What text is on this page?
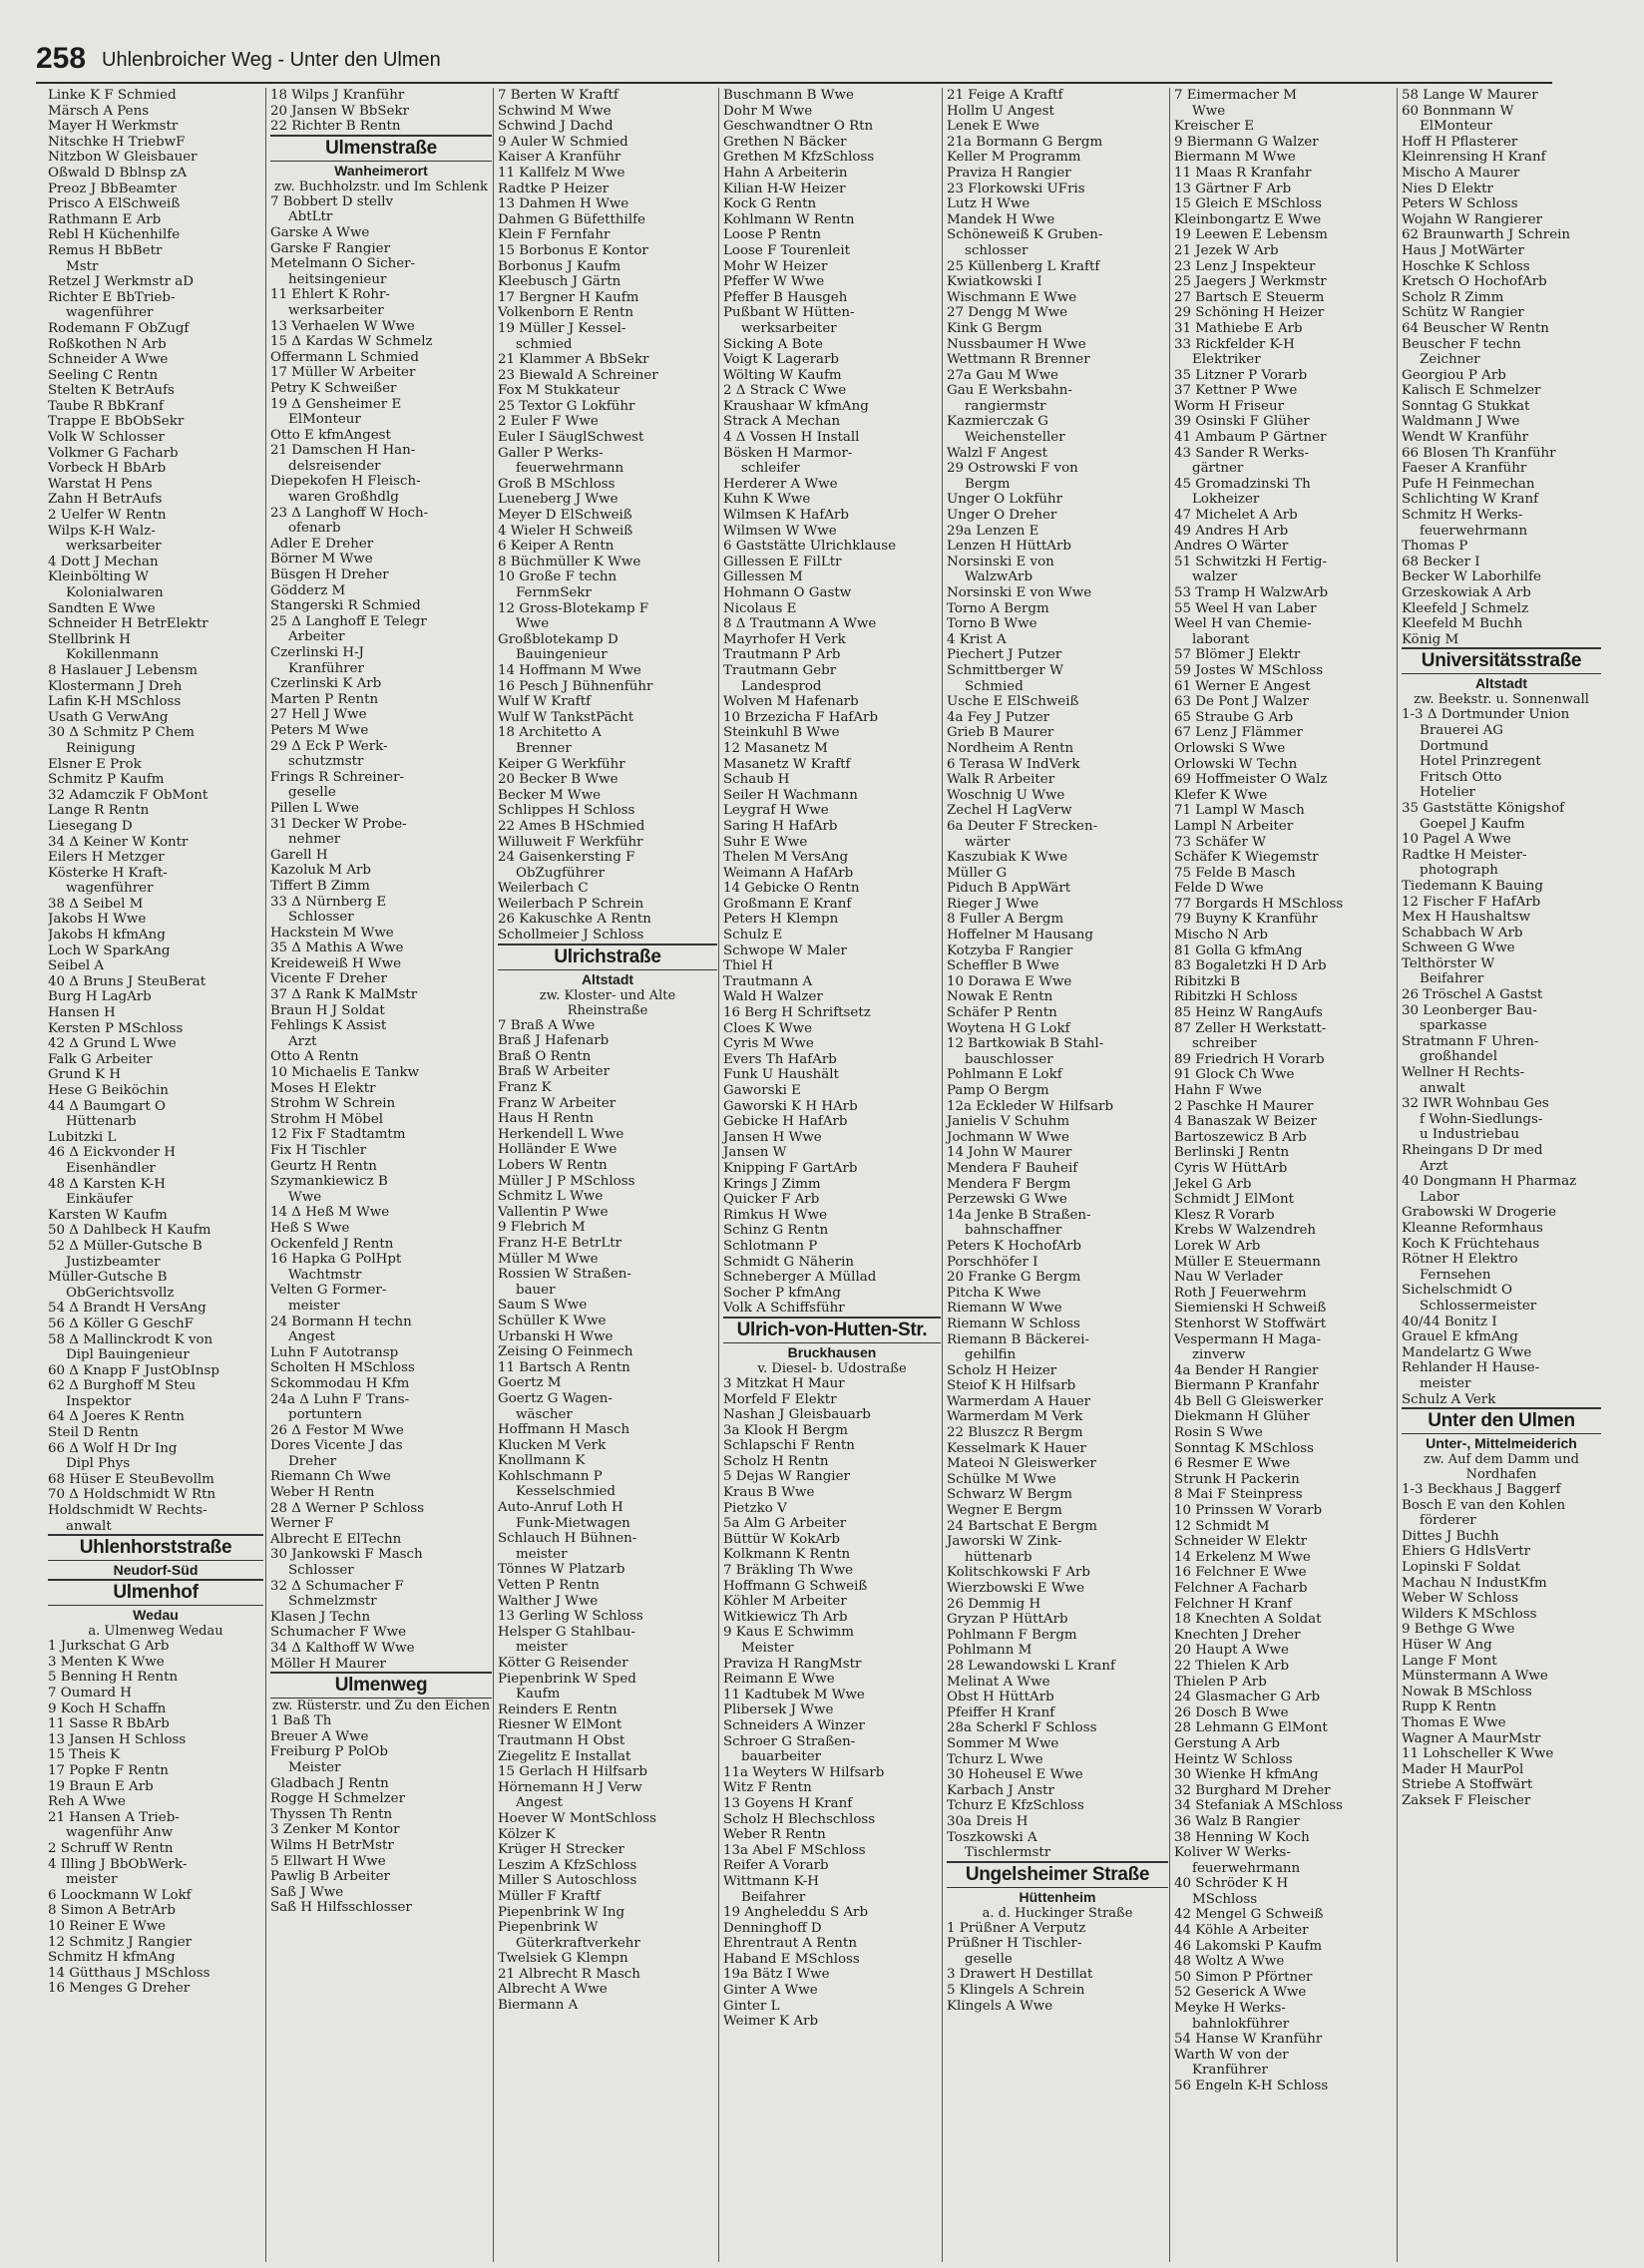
258 Uhlenbroicher Weg - Unter den Ulmen
Linke K F Schmied
Märsch A Pens
Mayer H Werkmstr
Nitschke H TriebwF
Nitzbon W Gleisbauer
Oßwald D Bblnsp zA
Preoz J BbBeamter
Prisco A ElSchweiß
Rathmann E Arb
Rebl H Küchenhilfe
Remus H BbBetr
Mstr
Retzel J Werkmstr aD
Richter E BbTrieb-
wagenführer
Rodemann F ObZugf
Roßkothen N Arb
Schneider A Wwe
Seeling C Rentn
Stelten K BetrAufs
Taube R BbKranf
Trappe E BbObSekr
Volk W Schlosser
Volkmer G Facharb
Vorbeck H BbArb
Warstat H Pens
Zahn H BetrAufs
2 Uelfer W Rentn
Wilps K-H Walz-
werksarbeiter
4 Dott J Mechan
Kleinbölting W
Kolonialwaren
Sandten E Wwe
Schneider H BetrElektr
Stellbrink H
Kokillenmann
8 Haslauer J Lebensm
Klostermann J Dreh
Lafin K-H MSchloss
Usath G VerwAng
30 Δ Schmitz P Chem
Reinigung
Elsner E Prok
Schmitz P Kaufm
32 Adamczik F ObMont
Lange R Rentn
Liesegang D
34 Δ Keiner W Kontr
Eilers H Metzger
Kösterke H Kraft-
wagenführer
38 Δ Seibel M
Jakobs H Wwe
Jakobs H kfmAng
Loch W SparkAng
Seibel A
40 Δ Bruns J SteuBerat
Burg H LagArb
Hansen H
Kersten P MSchloss
42 Δ Grund L Wwe
Falk G Arbeiter
Grund K H
Hese G Beiköchin
44 Δ Baumgart O
Hüttenarb
Lubitzki L
46 Δ Eickvonder H
Eisenhändler
48 Δ Karsten K-H
Einkäufer
Karsten W Kaufm
50 Δ Dahlbeck H Kaufm
52 Δ Müller-Gutsche B
Justizbeamter
Müller-Gutsche B
ObGerichtsvollz
54 Δ Brandt H VersAng
56 Δ Köller G GeschF
58 Δ Mallinckrodt K von
Dipl Bauingenieur
60 Δ Knapp F JustObInsp
62 Δ Burghoff M Steu
Inspektor
64 Δ Joeres K Rentn
Steil D Rentn
66 Δ Wolf H Dr Ing
Dipl Phys
68 Hüser E SteuBevollm
70 Δ Holdschmidt W Rtn
Holdschmidt W Rechts-
anwalt
Uhlenhorststraße
Neudorf-Süd
Ulmenhof
Wedau
a. Ulmenweg Wedau
1 Jurkschat G Arb
3 Menten K Wwe
5 Benning H Rentn
7 Oumard H
9 Koch H Schaffn
11 Sasse R BbArb
13 Jansen H Schloss
15 Theis K
17 Popke F Rentn
19 Braun E Arb
Reh A Wwe
21 Hansen A Trieb-
wagenführ Anw
2 Schruff W Rentn
4 Illing J BbObWerk-
meister
6 Loockmann W Lokf
8 Simon A BetrArb
10 Reiner E Wwe
12 Schmitz J Rangier
Schmitz H kfmAng
14 Gütthaus J MSchloss
16 Menges G Dreher
18 Wilps J Kranführ
20 Jansen W BbSekr
22 Richter B Rentn
Ulmenstraße
Wanheimerort
zw. Buchholzstr. und Im Schlenk
7 Bobbert D stellv
AbtLtr
Garske A Wwe
Garske F Rangier
Metelmann O Sicher-
heitsingenieur
11 Ehlert K Rohr-
werksarbeiter
13 Verhaelen W Wwe
15 Δ Kardas W Schmelz
Offermann L Schmied
17 Müller W Arbeiter
Petry K Schweißer
19 Δ Gensheimer E
ElMonteur
Otto E kfmAngest
21 Damschen H Han-
delsreisender
Diepekofen H Fleisch-
waren Großhdlg
23 Δ Langhoff W Hoch-
ofenarb
Adler E Dreher
Börner M Wwe
Büsgen H Dreher
Gödderz M
Stangerski R Schmied
25 Δ Langhoff E Telegr
Arbeiter
Czerlinski H-J
Kranführer
Czerlinski K Arb
Marten P Rentn
27 Hell J Wwe
Peters M Wwe
29 Δ Eck P Werk-
schutzmstr
Frings R Schreiner-
geselle
Pillen L Wwe
31 Decker W Probe-
nehmer
Garell H
Kazoluk M Arb
Tiffert B Zimm
33 Δ Nürnberg E
Schlosser
Hackstein M Wwe
35 Δ Mathis A Wwe
Kreideweiß H Wwe
Vicente F Dreher
37 Δ Rank K MalMstr
Braun H J Soldat
Fehlings K Assist
Arzt
Otto A Rentn
10 Michaelis E Tankw
Moses H Elektr
Strohm W Schrein
Strohm H Möbel
12 Fix F Stadtamtm
Fix H Tischler
Geurtz H Rentn
Szymankiewicz B
Wwe
14 Δ Heß M Wwe
Heß S Wwe
Ockenfeld J Rentn
16 Hapka G PolHpt
Wachtmstr
Velten G Former-
meister
24 Bormann H techn
Angest
Luhn F Autotransp
Scholten H MSchloss
Sckommodau H Kfm
24a Δ Luhn F Trans-
portuntern
26 Δ Festor M Wwe
Dores Vicente J das
Dreher
Riemann Ch Wwe
Weber H Rentn
28 Δ Werner P Schloss
Werner F
Albrecht E ElTechn
30 Jankowski F Masch
Schlosser
32 Δ Schumacher F
Schmelzmstr
Klasen J Techn
Schumacher F Wwe
34 Δ Kalthoff W Wwe
Möller H Maurer
Ulmenweg
zw. Rüsterstr. und Zu den Eichen
1 Baß Th
Breuer A Wwe
Freiburg P PolOb
Meister
Gladbach J Rentn
Rogge H Schmelzer
Thyssen Th Rentn
3 Zenker M Kontor
Wilms H BetrMstr
5 Ellwart H Wwe
Pawlig B Arbeiter
Saß J Wwe
Saß H Hilfsschlosser
7 Berten W Kraftf
Schwind M Wwe
Schwind J Dachd
9 Auler W Schmied
Kaiser A Kranführ
11 Kallfelz M Wwe
Radtke P Heizer
13 Dahmen H Wwe
Dahmen G Büfetthilfe
Klein F Fernfahr
15 Borbonus E Kontor
Borbonus J Kaufm
Kleebusch J Gärtn
17 Bergner H Kaufm
Volkenborn E Rentn
19 Müller J Kessel-
schmied
21 Klammer A BbSekr
23 Biewald A Schreiner
Fox M Stukkateur
25 Textor G Lokführ
2 Euler F Wwe
Euler I SäuglSchwest
Galler P Werks-
feuerwehrmann
Groß B MSchloss
Lueneberg J Wwe
Meyer D ElSchweiß
4 Wieler H Schweiß
6 Keiper A Rentn
8 Büchmüller K Wwe
10 Große F techn
FernmSekr
12 Gross-Blotekamp F
Wwe
Großblotekamp D
Bauingenieur
14 Hoffmann M Wwe
16 Pesch J Bühnenführ
Wulf W Kraftf
Wulf W TankstPächt
18 Architetto A
Brenner
Keiper G Werkführ
20 Becker B Wwe
Becker M Wwe
Schlippes H Schloss
22 Ames B HSchmied
Willuweit F Werkführ
24 Gaisenkersting F
ObZugführer
Weilerbach C
Weilerbach P Schrein
26 Kakuschke A Rentn
Schollmeier J Schloss
Ulrichstraße
Altstadt
zw. Kloster- und Alte Rheinstraße
7 Braß A Wwe
Braß J Hafenarb
Braß O Rentn
Braß W Arbeiter
Franz K
Franz W Arbeiter
Haus H Rentn
Herkendell L Wwe
Holländer E Wwe
Lobers W Rentn
Müller J P MSchloss
Schmitz L Wwe
Vallentin P Wwe
9 Flebrich M
Franz H-E BetrLtr
Müller M Wwe
Rossien W Straßen-
bauer
Saum S Wwe
Schüller K Wwe
Urbanski H Wwe
Zeising O Feinmech
11 Bartsch A Rentn
Goertz M
Goertz G Wagen-
wäscher
Hoffmann H Masch
Klucken M Verk
Knollmann K
Kohlschmann P
Kesselschmied
Auto-Anruf Loth H
Funk-Mietwagen
Schlauch H Bühnen-
meister
Tönnes W Platzarb
Vetten P Rentn
Walther J Wwe
13 Gerling W Schloss
Helsper G Stahlbau-
meister
Kötter G Reisender
Piepenbrink W Sped
Kaufm
Reinders E Rentn
Riesner W ElMont
Trautmann H Obst
Ziegelitz E Installat
15 Gerlach H Hilfsarb
Hörnemann H J Verw
Angest
Hoever W MontSchloss
Kölzer K
Krüger H Strecker
Leszim A KfzSchloss
Miller S Autoschloss
Müller F Kraftf
Piepenbrink W Ing
Piepenbrink W
Güterkraftverkehr
Twelsiek G Klempn
21 Albrecht R Masch
Albrecht A Wwe
Biermann A
Buschmann B Wwe
Dohr M Wwe
Geschwandtner O Rtn
Grethen N Bäcker
Grethen M KfzSchloss
Hahn A Arbeiterin
Kilian H-W Heizer
Kock G Rentn
Kohlmann W Rentn
Loose P Rentn
Loose F Tourenleit
Mohr W Heizer
Pfeffer W Wwe
Pfeffer B Hausgeh
Pußbant W Hütten-
werksarbeiter
Sicking A Bote
Voigt K Lagerarb
Wölting W Kaufm
2 Δ Strack C Wwe
Kraushaar W kfmAng
Strack A Mechan
4 Δ Vossen H Install
Bösken H Marmor-
schleifer
Herderer A Wwe
Kuhn K Wwe
Wilmsen K HafArb
Wilmsen W Wwe
6 Gaststätte Ulrichklause
Gillessen E FilLtr
Gillessen M
Hohmann O Gastw
Nicolaus E
8 Δ Trautmann A Wwe
Mayrhofer H Verk
Trautmann P Arb
Trautmann Gebr
Landesprod
Wolven M Hafenarb
10 Brzezicha F HafArb
Steinkuhl B Wwe
12 Masanetz M
Masanetz W Kraftf
Schaub H
Seiler H Wachmann
Leygraf H Wwe
Saring H HafArb
Suhr E Wwe
Thelen M VersAng
Weimann A HafArb
14 Gebicke O Rentn
Großmann E Kranf
Peters H Klempn
Schulz E
Schwope W Maler
Thiel H
Trautmann A
Wald H Walzer
16 Berg H Schriftsetz
Cloes K Wwe
Cyris M Wwe
Evers Th HafArb
Funk U Haushält
Gaworski E
Gaworski K H HArb
Gebicke H HafArb
Jansen H Wwe
Jansen W
Knipping F GartArb
Krings J Zimm
Quicker F Arb
Rimkus H Wwe
Schinz G Rentn
Schlotmann P
Schmidt G Näherin
Schneberger A Müllad
Socher P kfmAng
Volk A Schiffsführ
Ulrich-von-Hutten-Str.
Bruckhausen
v. Diesel- b. Udostraße
3 Mitzkat H Maur
Morfeld F Elektr
Nashan J Gleisbauarb
3a Klook H Bergm
Schlapschi F Rentn
Scholz H Rentn
5 Dejas W Rangier
Kraus B Wwe
Pietzko V
5a Alm G Arbeiter
Büttür W KokArb
Kolkmann K Rentn
7 Bräkling Th Wwe
Hoffmann G Schweiß
Köhler M Arbeiter
Witkiewicz Th Arb
9 Kaus E Schwimm
Meister
Praviza H RangMstr
Reimann E Wwe
11 Kadtubek M Wwe
Plibersek J Wwe
Schneiders A Winzer
Schroer G Straßen-
bauarbeiter
11a Weyters W Hilfsarb
Witz F Rentn
13 Goyens H Kranf
Scholz H Blechschloss
Weber R Rentn
13a Abel F MSchloss
Reifer A Vorarb
Wittmann K-H
Beifahrer
19 Angheleddu S Arb
Denninghoff D
Ehrentraut A Rentn
Haband E MSchloss
19a Bätz I Wwe
Ginter A Wwe
Ginter L
Weimer K Arb
21 Feige A Kraftf
Hollm U Angest
Lenek E Wwe
21a Bormann G Bergm
Keller M Programm
Praviza H Rangier
23 Florkowski UFris
Lutz H Wwe
Mandek H Wwe
Schöneweiß K Gruben-
schlosser
25 Küllenberg L Kraftf
Kwiatkowski I
Wischmann E Wwe
27 Dengg M Wwe
Kink G Bergm
Nussbaumer H Wwe
Wettmann R Brenner
27a Gau M Wwe
Gau E Werksbahn-
rangiermstr
Kazmierczak G
Weichensteller
Walzl F Angest
29 Ostrowski F von
Bergm
Unger O Lokführ
Unger O Dreher
29a Lenzen E
Lenzen H HüttArb
Norsinski E von
WalzwArb
Norsinski E von Wwe
Torno A Bergm
Torno B Wwe
4 Krist A
Piechert J Putzer
Schmittberger W
Schmied
Usche E ElSchweiß
4a Fey J Putzer
Grieb B Maurer
Nordheim A Rentn
6 Terasa W IndVerk
Walk R Arbeiter
Woschnig U Wwe
Zechel H LagVerw
6a Deuter F Strecken-
wärter
Kaszubiak K Wwe
Müller G
Piduch B AppWärt
Rieger J Wwe
8 Fuller A Bergm
Hoffelner M Hausang
Kotzyba F Rangier
Scheffler B Wwe
10 Dorawa E Wwe
Nowak E Rentn
Schäfer P Rentn
Woytena H G Lokf
12 Bartkowiak B Stahl-
bauschlosser
Pohlmann E Lokf
Pamp O Bergm
12a Eckleder W Hilfsarb
Janielis V Schuhm
Jochmann W Wwe
14 John W Maurer
Mendera F Bauheif
Mendera F Bergm
Perzewski G Wwe
14a Jenke B Straßen-
bahnschaffner
Peters K HochofArb
Porschhöfer I
20 Franke G Bergm
Pitcha K Wwe
Riemann W Wwe
Riemann W Schloss
Riemann B Bäckerei-
gehilfin
Scholz H Heizer
Steiof K H Hilfsarb
Warmerdam A Hauer
Warmerdam M Verk
22 Bluszcz R Bergm
Kesselmark K Hauer
Mateoi N Gleiswerker
Schülke M Wwe
Schwarz W Bergm
Wegner E Bergm
24 Bartschat E Bergm
Jaworski W Zink-
hüttenarb
Kolitschkowski F Arb
Wierzbowski E Wwe
26 Demmig H
Gryzan P HüttArb
Pohlmann F Bergm
Pohlmann M
28 Lewandowski L Kranf
Melinat A Wwe
Obst H HüttArb
Pfeiffer H Kranf
28a Scherkl F Schloss
Sommer M Wwe
Tchurz L Wwe
30 Hoheusel E Wwe
Karbach J Anstr
Tchurz E KfzSchloss
30a Dreis H
Toszkowski A
Tischlermstr
Ungelsheimer Straße
Hüttenheim
a. d. Huckinger Straße
1 Prüßner A Verputz
Prüßner H Tischler-
geselle
3 Drawert H Destillat
5 Klingels A Schrein
Klingels A Wwe
7 Eimermacher M
Wwe
Kreischer E
9 Biermann G Walzer
Biermann M Wwe
11 Maas R Kranfahr
13 Gärtner F Arb
15 Gleich E MSchloss
Kleinbongartz E Wwe
19 Leewen E Lebensm
21 Jezek W Arb
23 Lenz J Inspekteur
25 Jaegers J Werkmstr
27 Bartsch E Steuerm
29 Schöning H Heizer
31 Mathiebe E Arb
33 Rickfelder K-H
Elektriker
35 Litzner P Vorarb
37 Kettner P Wwe
Worm H Friseur
39 Osinski F Glüher
41 Ambaum P Gärtner
43 Sander R Werks-
gärtner
45 Gromadzinski Th
Lokheizer
47 Michelet A Arb
49 Andres H Arb
Andres O Wärter
51 Schwitzki H Fertig-
walzer
53 Tramp H WalzwArb
55 Weel H van Laber
Weel H van Chemie-
laborant
57 Blömer J Elektr
59 Jostes W MSchloss
61 Werner E Angest
63 De Pont J Walzer
65 Straube G Arb
67 Lenz J Flämmer
Orlowski S Wwe
Orlowski W Techn
69 Hoffmeister O Walz
Klefer K Wwe
71 Lampl W Masch
Lampl N Arbeiter
73 Schäfer W
Schäfer K Wiegemstr
75 Felde B Masch
Felde D Wwe
77 Borgards H MSchloss
79 Buyny K Kranführ
Mischo N Arb
81 Golla G kfmAng
83 Bogaletzki H D Arb
Ribitzki B
Ribitzki H Schloss
85 Heinz W RangAufs
87 Zeller H Werkstatt-
schreiber
89 Friedrich H Vorarb
91 Glock Ch Wwe
Hahn F Wwe
2 Paschke H Maurer
4 Banaszak W Beizer
Bartoszewicz B Arb
Berlinski J Rentn
Cyris W HüttArb
Jekel G Arb
Schmidt J ElMont
Klesz R Vorarb
Krebs W Walzendreh
Lorek W Arb
Müller E Steuermann
Nau W Verlader
Roth J Feuerwehrm
Siemienski H Schweiß
Stenhorst W Stoffwärt
Vespermann H Maga-
zinverw
4a Bender H Rangier
Biermann P Kranfahr
4b Bell G Gleiswerker
Diekmann H Glüher
Rosin S Wwe
Sonntag K MSchloss
6 Resmer E Wwe
Strunk H Packerin
8 Mai F Steinpress
10 Prinssen W Vorarb
12 Schmidt M
Schneider W Elektr
14 Erkelenz M Wwe
16 Felchner E Wwe
Felchner A Facharb
Felchner H Kranf
18 Knechten A Soldat
Knechten J Dreher
20 Haupt A Wwe
22 Thielen K Arb
Thielen P Arb
24 Glasmacher G Arb
26 Dosch B Wwe
28 Lehmann G ElMont
Gerstung A Arb
Heintz W Schloss
30 Wienke H kfmAng
32 Burghard M Dreher
34 Stefaniak A MSchloss
36 Walz B Rangier
38 Henning W Koch
Koliver W Werks-
feuerwehrmann
40 Schröder K H
MSchloss
42 Mengel G Schweiß
44 Köhle A Arbeiter
46 Lakomski P Kaufm
48 Woltz A Wwe
50 Simon P Pförtner
52 Geserick A Wwe
Meyke H Werks-
bahnlokführer
54 Hanse W Kranführ
Warth W von der
Kranführer
56 Engeln K-H Schloss
58 Lange W Maurer
60 Bonnmann W
ElMonteur
Hoff H Pflasterer
Kleinrensing H Kranf
Mischo A Maurer
Nies D Elektr
Peters W Schloss
Wojahn W Rangierer
62 Braunwarth J Schrein
Haus J MotWärter
Hoschke K Schloss
Kretsch O HochofArb
Scholz R Zimm
Schütz W Rangier
64 Beuscher W Rentn
Beuscher F techn
Zeichner
Georgiou P Arb
Kalisch E Schmelzer
Sonntag G Stukkat
Waldmann J Wwe
Wendt W Kranführ
66 Blosen Th Kranführ
Faeser A Kranführ
Pufe H Feinmechan
Schlichting W Kranf
Schmitz H Werks-
feuerwehrmann
Thomas P
68 Becker I
Becker W Laborhilfe
Grzeskowiak A Arb
Kleefeld J Schmelz
Kleefeld M Buchh
König M
Universitätsstraße
Altstadt
zw. Beekstr. u. Sonnenwall
1-3 Δ Dortmunder Union
Brauerei AG
Dortmund
Hotel Prinzregent
Fritsch Otto
Hotelier
35 Gaststätte Königshof
Goepel J Kaufm
10 Pagel A Wwe
Radtke H Meister-
photograph
Tiedemann K Bauing
12 Fischer F HafArb
Mex H Haushaltsw
Schabbach W Arb
Schween G Wwe
Telthörster W
Beifahrer
26 Tröschel A Gastst
30 Leonberger Bau-
sparkasse
Stratmann F Uhren-
großhandel
Wellner H Rechts-
anwalt
32 IWR Wohnbau Ges
f Wohn-Siedlungs-
u Industriebau
Rheingans D Dr med
Arzt
40 Dongmann H Pharmaz
Labor
Grabowski W Drogerie
Kleanne Reformhaus
Koch K Früchtehaus
Rötner H Elektro
Fernsehen
Sichelschmidt O
Schlossermeister
40/44 Bonitz I
Grauel E kfmAng
Mandelartz G Wwe
Rehlander H Hause-
meister
Schulz A Verk
Unter den Ulmen
Unter-, Mittelmeiderich
zw. Auf dem Damm und Nordhafen
1-3 Beckhaus J Baggerf
Bosch E van den Kohlen
förderer
Dittes J Buchh
Ehiers G HdlsVertr
Lopinski F Soldat
Machau N IndustKfm
Weber W Schloss
Wilders K MSchloss
9 Bethge G Wwe
Hüser W Ang
Lange F Mont
Münstermann A Wwe
Nowak B MSchloss
Rupp K Rentn
Thomas E Wwe
Wagner A MaurMstr
11 Lohscheller K Wwe
Mader H MaurPol
Striebe A Stoffwärt
Zaksek F Fleischer
